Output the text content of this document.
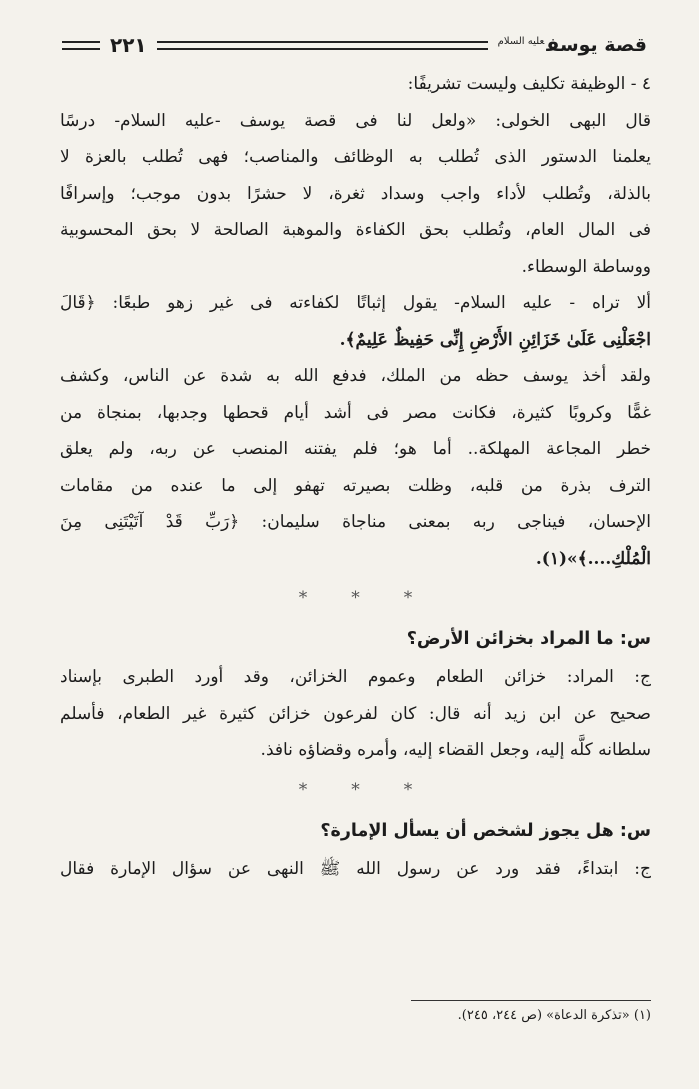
قصة يوسف$^{عليه السلام}$
٢٢١
٤ - الوظيفة تكليف وليست تشريفًا:
قال البهى الخولى: «ولعل لنا فى قصة يوسف -عليه السلام- درسًا
يعلمنا الدستور الذى تُطلب به الوظائف والمناصب؛ فهى تُطلب بالعزة لا
بالذلة، وتُطلب لأداء واجب وسداد ثغرة، لا حشرًا بدون موجب؛ وإسرافًا
فى المال العام، وتُطلب بحق الكفاءة والموهبة الصالحة لا بحق المحسوبية
ووساطة الوسطاء.
ألا تراه - عليه السلام- يقول إثباتًا لكفاءته فى غير زهو طبعًا: ﴿قَالَ
اجْعَلْنِى عَلَىٰ خَزَائِنِ الأَرْضِ إِنِّى حَفِيظٌ عَلِيمٌ﴾.
ولقد أخذ يوسف حظه من الملك، فدفع الله به شدة عن الناس، وكشف
غمًّا وكروبًا كثيرة، فكانت مصر فى أشد أيام قحطها وجدبها، بمنجاة من
خطر المجاعة المهلكة.. أما هو؛ فلم يفتنه المنصب عن ربه، ولم يعلق
الترف بذرة من قلبه، وظلت بصيرته تهفو إلى ما عنده من مقامات
الإحسان، فيناجى ربه بمعنى مناجاة سليمان: ﴿رَبِّ قَدْ آتَيْتَنِى مِنَ
الْمُلْكِ....﴾»(١).
***
س: ما المراد بخزائن الأرض؟
ج: المراد: خزائن الطعام وعموم الخزائن، وقد أورد الطبرى بإسناد
صحيح عن ابن زيد أنه قال: كان لفرعون خزائن كثيرة غير الطعام، فأسلم
سلطانه كلَّه إليه، وجعل القضاء إليه، وأمره وقضاؤه نافذ.
***
س: هل يجوز لشخص أن يسأل الإمارة؟
ج: ابتداءً، فقد ورد عن رسول الله ﷺ النهى عن سؤال الإمارة فقال
(١) «تذكرة الدعاة» (ص ٢٤٤، ٢٤٥).
